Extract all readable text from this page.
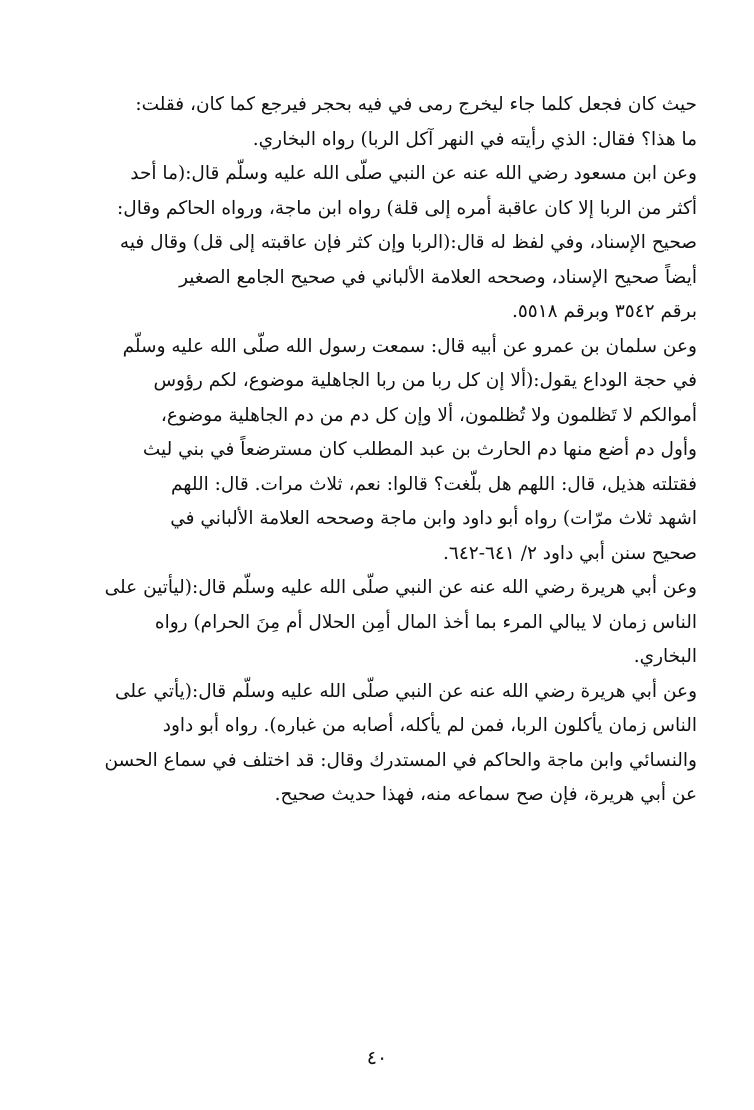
حيث كان فجعل كلما جاء ليخرج رمى في فيه بحجر فيرجع كما كان، فقلت:
ما هذا؟ فقال: الذي رأيته في النهر آكل الربا) رواه البخاري.
وعن ابن مسعود رضي الله عنه عن النبي صلّى الله عليه وسلّم قال:(ما أحد
أكثر من الربا إلا كان عاقبة أمره إلى قلة) رواه ابن ماجة، ورواه الحاكم وقال:
صحيح الإسناد، وفي لفظ له قال:(الربا وإن كثر فإن عاقبته إلى قل) وقال فيه
أيضاً صحيح الإسناد، وصححه العلامة الألباني في صحيح الجامع الصغير
برقم ٣٥٤٢ وبرقم ٥٥١٨.
وعن سلمان بن عمرو عن أبيه قال: سمعت رسول الله صلّى الله عليه وسلّم
في حجة الوداع يقول:(ألا إن كل ربا من ربا الجاهلية موضوع، لكم رؤوس
أموالكم لا تَظلمون ولا تُظلمون، ألا وإن كل دم من دم الجاهلية موضوع،
وأول دم أضع منها دم الحارث بن عبد المطلب كان مسترضعاً في بني ليث
فقتلته هذيل، قال: اللهم هل بلّغت؟ قالوا: نعم، ثلاث مرات. قال: اللهم
اشهد ثلاث مرّات) رواه أبو داود وابن ماجة وصححه العلامة الألباني في
صحيح سنن أبي داود ٢/ ٦٤١-٦٤٢.
وعن أبي هريرة رضي الله عنه عن النبي صلّى الله عليه وسلّم قال:(ليأتين على
الناس زمان لا يبالي المرء بما أخذ المال أمِن الحلال أم مِنَ الحرام) رواه
البخاري.
وعن أبي هريرة رضي الله عنه عن النبي صلّى الله عليه وسلّم قال:(يأتي على
الناس زمان يأكلون الربا، فمن لم يأكله، أصابه من غباره). رواه أبو داود
والنسائي وابن ماجة والحاكم في المستدرك وقال: قد اختلف في سماع الحسن
عن أبي هريرة، فإن صح سماعه منه، فهذا حديث صحيح.
٤٠
